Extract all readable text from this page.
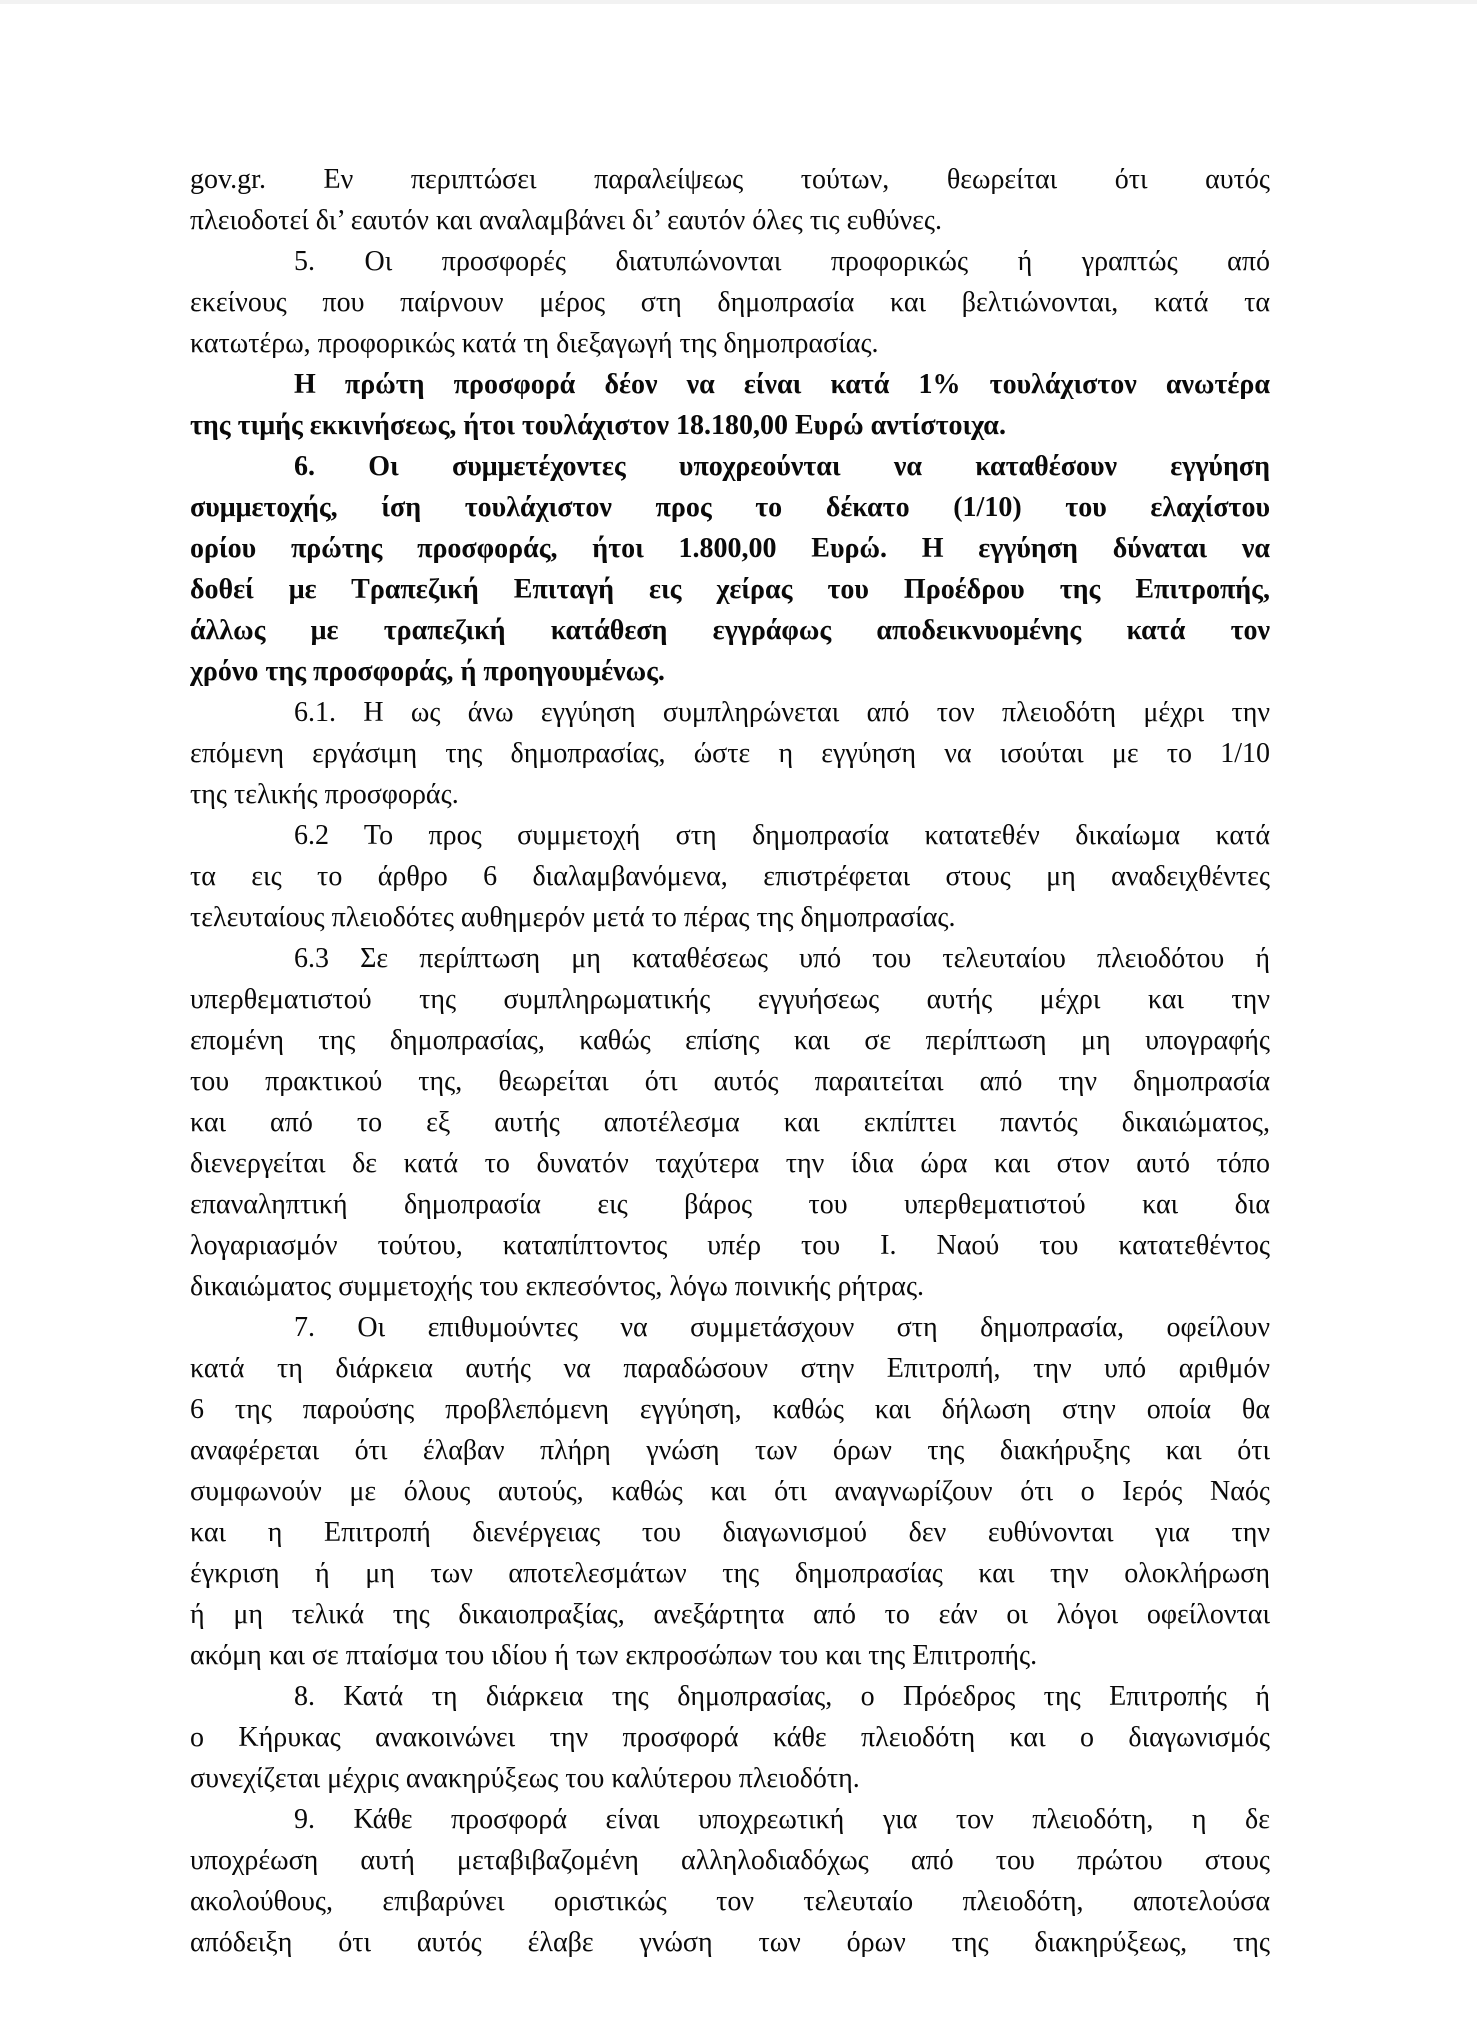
gov.gr. Εν περιπτώσει παραλείψεως τούτων, θεωρείται ότι αυτός
πλειοδοτεί δι’ εαυτόν και αναλαμβάνει δι’ εαυτόν όλες τις ευθύνες.
5. Οι προσφορές διατυπώνονται προφορικώς ή γραπτώς από
εκείνους που παίρνουν μέρος στη δημοπρασία και βελτιώνονται, κατά τα
κατωτέρω, προφορικώς κατά τη διεξαγωγή της δημοπρασίας.
Η πρώτη προσφορά δέον να είναι κατά 1% τουλάχιστον ανωτέρα
της τιμής εκκινήσεως, ήτοι τουλάχιστον 18.180,00 Ευρώ αντίστοιχα.
6. Οι συμμετέχοντες υποχρεούνται να καταθέσουν εγγύηση
συμμετοχής, ίση τουλάχιστον προς το δέκατο (1/10) του ελαχίστου
ορίου πρώτης προσφοράς, ήτοι 1.800,00 Ευρώ. Η εγγύηση δύναται να
δοθεί με Τραπεζική Επιταγή εις χείρας του Προέδρου της Επιτροπής,
άλλως με τραπεζική κατάθεση εγγράφως αποδεικνυομένης κατά τον
χρόνο της προσφοράς, ή προηγουμένως.
6.1. Η ως άνω εγγύηση συμπληρώνεται από τον πλειοδότη μέχρι την
επόμενη εργάσιμη της δημοπρασίας, ώστε η εγγύηση να ισούται με το 1/10
της τελικής προσφοράς.
6.2 Το προς συμμετοχή στη δημοπρασία κατατεθέν δικαίωμα κατά
τα εις το άρθρο 6 διαλαμβανόμενα, επιστρέφεται στους μη αναδειχθέντες
τελευταίους πλειοδότες αυθημερόν μετά το πέρας της δημοπρασίας.
6.3 Σε περίπτωση μη καταθέσεως υπό του τελευταίου πλειοδότου ή
υπερθεματιστού της συμπληρωματικής εγγυήσεως αυτής μέχρι και την
επομένη της δημοπρασίας, καθώς επίσης και σε περίπτωση μη υπογραφής
του πρακτικού της, θεωρείται ότι αυτός παραιτείται από την δημοπρασία
και από το εξ αυτής αποτέλεσμα και εκπίπτει παντός δικαιώματος,
διενεργείται δε κατά το δυνατόν ταχύτερα την ίδια ώρα και στον αυτό τόπο
επαναληπτική δημοπρασία εις βάρος του υπερθεματιστού και δια
λογαριασμόν τούτου, καταπίπτοντος υπέρ του Ι. Ναού του κατατεθέντος
δικαιώματος συμμετοχής του εκπεσόντος, λόγω ποινικής ρήτρας.
7. Οι επιθυμούντες να συμμετάσχουν στη δημοπρασία, οφείλουν
κατά τη διάρκεια αυτής να παραδώσουν στην Επιτροπή, την υπό αριθμόν
6 της παρούσης προβλεπόμενη εγγύηση, καθώς και δήλωση στην οποία θα
αναφέρεται ότι έλαβαν πλήρη γνώση των όρων της διακήρυξης και ότι
συμφωνούν με όλους αυτούς, καθώς και ότι αναγνωρίζουν ότι ο Ιερός Ναός
και η Επιτροπή διενέργειας του διαγωνισμού δεν ευθύνονται για την
έγκριση ή μη των αποτελεσμάτων της δημοπρασίας και την ολοκλήρωση
ή μη τελικά της δικαιοπραξίας, ανεξάρτητα από το εάν οι λόγοι οφείλονται
ακόμη και σε πταίσμα του ιδίου ή των εκπροσώπων του και της Επιτροπής.
8. Κατά τη διάρκεια της δημοπρασίας, ο Πρόεδρος της Επιτροπής ή
ο Κήρυκας ανακοινώνει την προσφορά κάθε πλειοδότη και ο διαγωνισμός
συνεχίζεται μέχρις ανακηρύξεως του καλύτερου πλειοδότη.
9. Κάθε προσφορά είναι υποχρεωτική για τον πλειοδότη, η δε
υποχρέωση αυτή μεταβιβαζομένη αλληλοδιαδόχως από του πρώτου στους
ακολούθους, επιβαρύνει οριστικώς τον τελευταίο πλειοδότη, αποτελούσα
απόδειξη ότι αυτός έλαβε γνώση των όρων της διακηρύξεως, της
